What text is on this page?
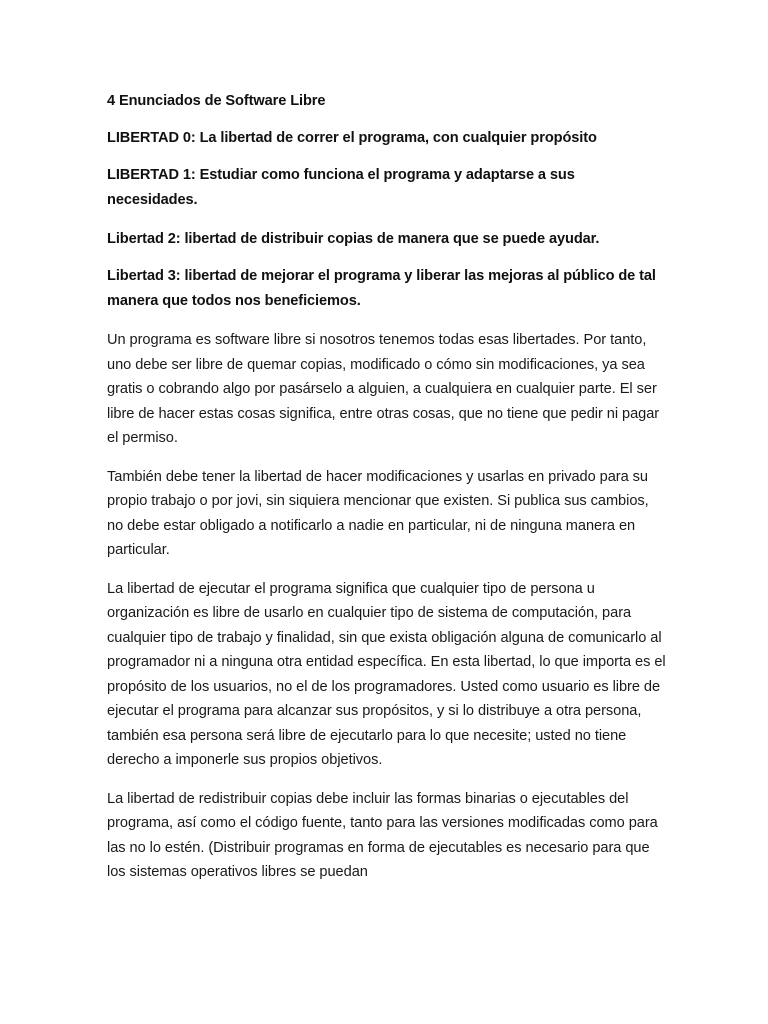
4 Enunciados de Software Libre

LIBERTAD 0: La libertad de correr el programa, con cualquier propósito

LIBERTAD 1: Estudiar como funciona el programa y adaptarse a sus necesidades.

Libertad 2: libertad de distribuir copias de manera que se puede ayudar.

Libertad 3: libertad de mejorar el programa y liberar las mejoras al público de tal manera que todos nos beneficiemos.

Un programa es software libre si nosotros tenemos todas esas libertades. Por tanto, uno debe ser libre de quemar copias, modificado o cómo sin modificaciones, ya sea gratis o cobrando algo por pasárselo a alguien, a cualquiera en cualquier parte. El ser libre de hacer estas cosas significa, entre otras cosas, que no tiene que pedir ni pagar el permiso.

También debe tener la libertad de hacer modificaciones y usarlas en privado para su propio trabajo o por jovi, sin siquiera mencionar que existen. Si publica sus cambios, no debe estar obligado a notificarlo a nadie en particular, ni de ninguna manera en particular.

La libertad de ejecutar el programa significa que cualquier tipo de persona u organización es libre de usarlo en cualquier tipo de sistema de computación, para cualquier tipo de trabajo y finalidad, sin que exista obligación alguna de comunicarlo al programador ni a ninguna otra entidad específica. En esta libertad, lo que importa es el propósito de los usuarios, no el de los programadores. Usted como usuario es libre de ejecutar el programa para alcanzar sus propósitos, y si lo distribuye a otra persona, también esa persona será libre de ejecutarlo para lo que necesite; usted no tiene derecho a imponerle sus propios objetivos.

La libertad de redistribuir copias debe incluir las formas binarias o ejecutables del programa, así como el código fuente, tanto para las versiones modificadas como para las no lo estén. (Distribuir programas en forma de ejecutables es necesario para que los sistemas operativos libres se puedan
